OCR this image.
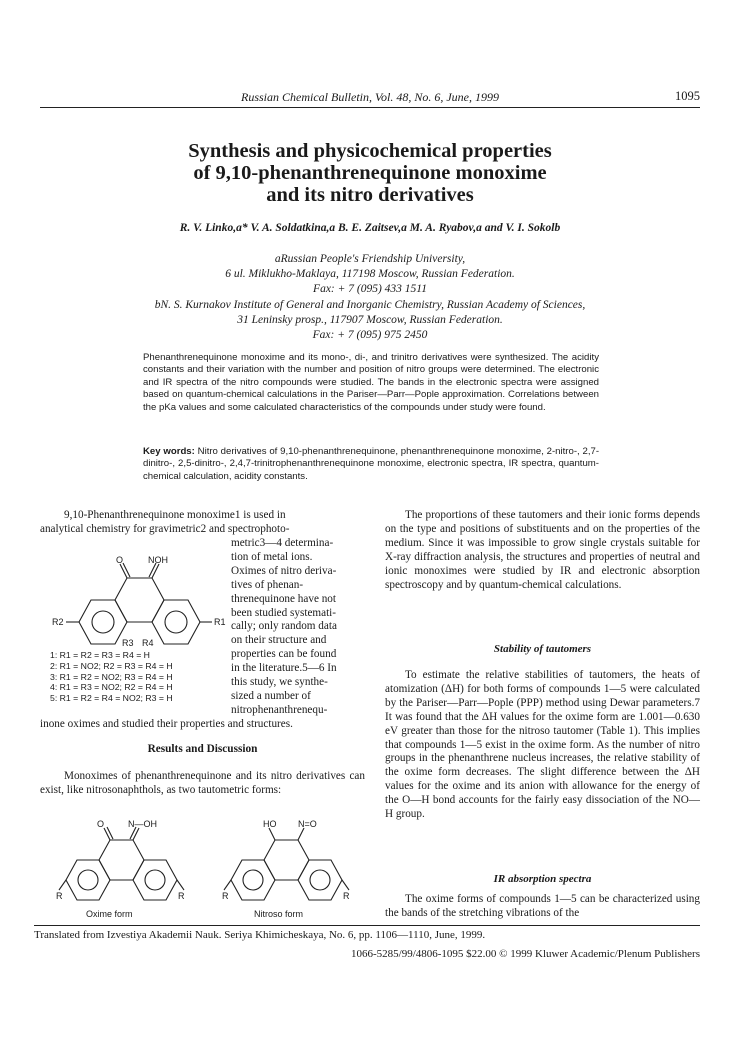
Russian Chemical Bulletin, Vol. 48, No. 6, June, 1999	1095
Synthesis and physicochemical properties
of 9,10-phenanthrenequinone monoxime
and its nitro derivatives
R. V. Linko,a* V. A. Soldatkina,a B. E. Zaitsev,a M. A. Ryabov,a and V. I. Sokolb
aRussian People's Friendship University,
6 ul. Miklukho-Maklaya, 117198 Moscow, Russian Federation.
Fax: + 7 (095) 433 1511
bN. S. Kurnakov Institute of General and Inorganic Chemistry, Russian Academy of Sciences,
31 Leninsky prosp., 117907 Moscow, Russian Federation.
Fax: + 7 (095) 975 2450
Phenanthrenequinone monoxime and its mono-, di-, and trinitro derivatives were synthesized. The acidity constants and their variation with the number and position of nitro groups were determined. The electronic and IR spectra of the nitro compounds were studied. The bands in the electronic spectra were assigned based on quantum-chemical calculations in the Pariser—Parr—Pople approximation. Correlations between the pKa values and some calculated characteristics of the compounds under study were found.
Key words: Nitro derivatives of 9,10-phenanthrenequinone, phenanthrenequinone monoxime, 2-nitro-, 2,7-dinitro-, 2,5-dinitro-, 2,4,7-trinitrophenanthrenequinone monoxime, electronic spectra, IR spectra, quantum-chemical calculation, acidity constants.
9,10-Phenanthrenequinone monoxime1 is used in
analytical chemistry for gravimetric2 and spectrophoto-
metric3—4 determina-
tion of metal ions.
Oximes of nitro deriva-
tives of phenan-
threnequinone have not
been studied systemati-
cally; only random data
on their structure and
properties can be found
in the literature.5—6 In
this study, we synthe-
sized a number of
nitrophenanthrenequ-
O	NOH
R2	R1
R3 R4
1: R1 = R2 = R3 = R4 = H
2: R1 = NO2; R2 = R3 = R4 = H
3: R1 = R2 = NO2; R3 = R4 = H
4: R1 = R3 = NO2; R2 = R4 = H
5: R1 = R2 = R4 = NO2; R3 = H
inone oximes and studied their properties and structures.
Results and Discussion
Monoximes of phenanthrenequinone and its nitro derivatives can exist, like nitrosonaphthols, as two tautometric forms:
O	N—OH	HO N=O
R	R	R	R
Oxime form	Nitroso form
The proportions of these tautomers and their ionic forms depends on the type and positions of substituents and on the properties of the medium. Since it was impossible to grow single crystals suitable for X-ray diffraction analysis, the structures and properties of neutral and ionic monoximes were studied by IR and electronic absorption spectroscopy and by quantum-chemical calculations.
Stability of tautomers
To estimate the relative stabilities of tautomers, the heats of atomization (ΔH) for both forms of compounds 1—5 were calculated by the Pariser—Parr—Pople (PPP) method using Dewar parameters.7 It was found that the ΔH values for the oxime form are 1.001—0.630 eV greater than those for the nitroso tautomer (Table 1). This implies that compounds 1—5 exist in the oxime form. As the number of nitro groups in the phenanthrene nucleus increases, the relative stability of the oxime form decreases. The slight difference between the ΔH values for the oxime and its anion with allowance for the energy of the O—H bond accounts for the fairly easy dissociation of the NO—H group.
IR absorption spectra
The oxime forms of compounds 1—5 can be characterized using the bands of the stretching vibrations of the
Translated from Izvestiya Akademii Nauk. Seriya Khimicheskaya, No. 6, pp. 1106—1110, June, 1999.
1066-5285/99/4806-1095 $22.00 © 1999 Kluwer Academic/Plenum Publishers
